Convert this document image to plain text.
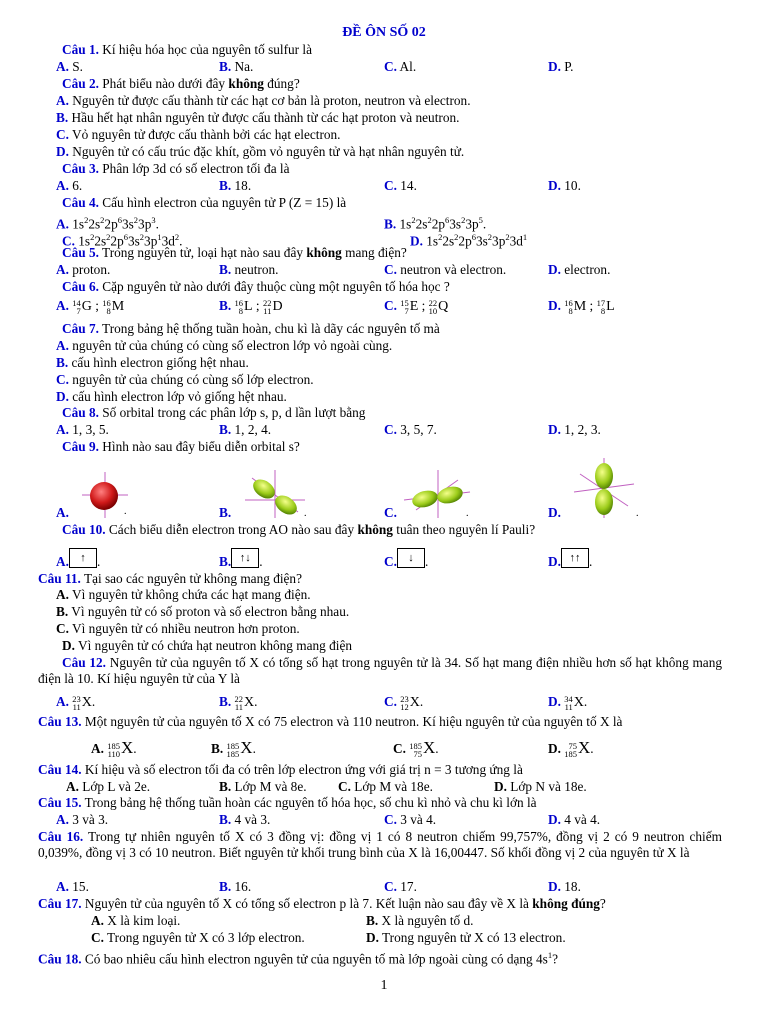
ĐỀ ÔN SỐ 02
Câu 1. Kí hiệu hóa học của nguyên tố sulfur là
A. S.	B. Na.	C. Al.	D. P.
Câu 2. Phát biểu nào dưới đây không đúng?
A. Nguyên tử được cấu thành từ các hạt cơ bản là proton, neutron và electron.
B. Hầu hết hạt nhân nguyên tử được cấu thành từ các hạt proton và neutron.
C. Vỏ nguyên tử được cấu thành bởi các hạt electron.
D. Nguyên tử có cấu trúc đặc khít, gồm vỏ nguyên tử và hạt nhân nguyên tử.
Câu 3. Phân lớp 3d có số electron tối đa là
A. 6.	B. 18.	C. 14.	D. 10.
Câu 4. Cấu hình electron của nguyên tử P (Z = 15) là
A. $1s^22s^22p^63s^23p^3$.	B. $1s^22s^22p^63s^23p^5$.
C. $1s^22s^22p^63s^23p^13d^2$.	D. $1s^22s^22p^63s^23p^23d^1$
Câu 5. Trong nguyên tử, loại hạt nào sau đây không mang điện?
A. proton.	B. neutron.	C. neutron và electron.	D. electron.
Câu 6. Cặp nguyên tử nào dưới đây thuộc cùng một nguyên tố hóa học ?
A. 14
7G ; 16
8M	B. 16
8L ; 22
11D	C. 15
7E ; 22
10Q	D. 16
8M ; 17
8L
Câu 7. Trong bảng hệ thống tuần hoàn, chu kì là dãy các nguyên tố mà
A. nguyên tử của chúng có cùng số electron lớp vỏ ngoài cùng.
B. cấu hình electron giống hệt nhau.
C. nguyên tử của chúng có cùng số lớp electron.
D. cấu hình electron lớp vỏ giống hệt nhau.
Câu 8. Số orbital trong các phân lớp s, p, d lần lượt bằng
A. 1, 3, 5.	B. 1, 2, 4.	C. 3, 5, 7.	D. 1, 2, 3.
Câu 9. Hình nào sau đây biểu diễn orbital s?
A.	.	B.	.	C.	.	D.	.
Câu 10. Cách biểu diễn electron trong AO nào sau đây không tuân theo nguyên lí Pauli?
A. ↑ .	B. ↑↓ .	C. ↓ .	D. ↑↑ .
Câu 11. Tại sao các nguyên tử không mang điện?
A. Vì nguyên tử không chứa các hạt mang điện.
B. Vì nguyên tử có số proton và số electron bằng nhau.
C. Vì nguyên tử có nhiều neutron hơn proton.
D. Vì nguyên tử có chứa hạt neutron không mang điện
Câu 12. Nguyên tử của nguyên tố X có tổng số hạt trong nguyên tử là 34. Số hạt mang điện nhiều hơn số hạt không mang điện là 10. Kí hiệu nguyên tử của Y là
A. 23
11X.	B. 22
11X.	C. 23
12X.	D. 34
11X.
Câu 13. Một nguyên tử của nguyên tố X có 75 electron và 110 neutron. Kí hiệu nguyên tử của nguyên tố X là
A. 185
110X.	B. 185
185X.	C. 185
75X.	D. 75
185X.
Câu 14. Kí hiệu và số electron tối đa có trên lớp electron ứng với giá trị n = 3 tương ứng là
A. Lớp L và 2e.	B. Lớp M và 8e. C. Lớp M và 18e.	D. Lớp N và 18e.
Câu 15. Trong bảng hệ thống tuần hoàn các nguyên tố hóa học, số chu kì nhỏ và chu kì lớn là
A. 3 và 3.	B. 4 và 3.	C. 3 và 4.	D. 4 và 4.
Câu 16. Trong tự nhiên nguyên tố X có 3 đồng vị: đồng vị 1 có 8 neutron chiếm 99,757%, đồng vị 2 có 9 neutron chiếm 0,039%, đồng vị 3 có 10 neutron. Biết nguyên tử khối trung bình của X là 16,00447. Số khối đồng vị 2 của nguyên tử X là
A. 15.	B. 16.	C. 17.	D. 18.
Câu 17. Nguyên tử của nguyên tố X có tổng số electron p là 7. Kết luận nào sau đây về X là không đúng?
A. X là kim loại.	B. X là nguyên tố d.
C. Trong nguyên tử X có 3 lớp electron.	D. Trong nguyên tử X có 13 electron.
Câu 18. Có bao nhiêu cấu hình electron nguyên tử của nguyên tố mà lớp ngoài cùng có dạng $4s^1$?
1
